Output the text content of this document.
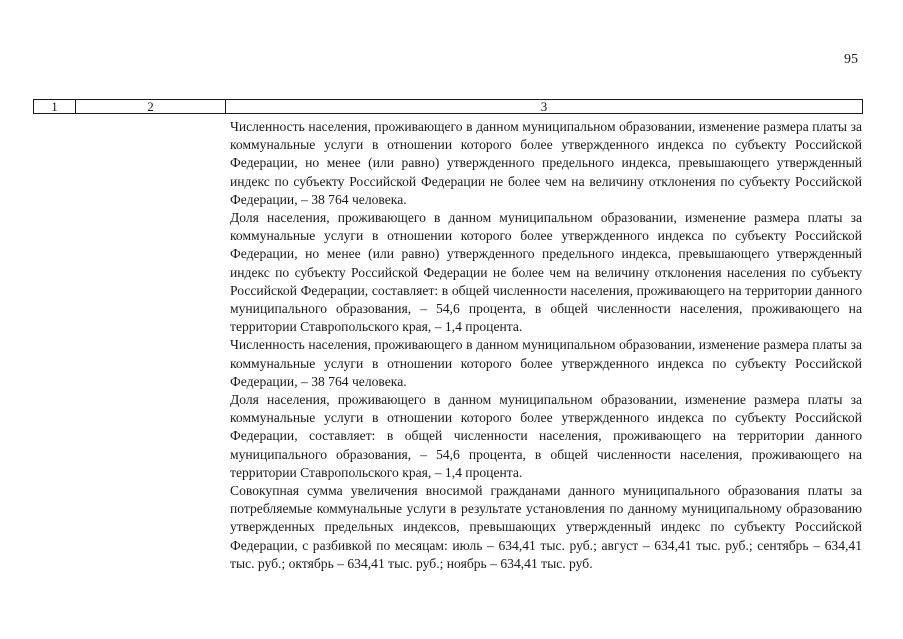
95
1	2	3

Численность населения, проживающего в данном муниципальном образовании, изменение размера платы за коммунальные услуги в отношении которого более утвержденного индекса по субъекту Российской Федерации, но менее (или равно) утвержденного предельного индекса, превышающего утвержденный индекс по субъекту Российской Федерации не более чем на величину отклонения по субъекту Российской Федерации, – 38 764 человека.

Доля населения, проживающего в данном муниципальном образовании, изменение размера платы за коммунальные услуги в отношении которого более утвержденного индекса по субъекту Российской Федерации, но менее (или равно) утвержденного предельного индекса, превышающего утвержденный индекс по субъекту Российской Федерации не более чем на величину отклонения населения по субъекту Российской Федерации, составляет: в общей численности населения, проживающего на территории данного муниципального образования, – 54,6 процента, в общей численности населения, проживающего на территории Ставропольского края, – 1,4 процента.

Численность населения, проживающего в данном муниципальном образовании, изменение размера платы за коммунальные услуги в отношении которого более утвержденного индекса по субъекту Российской Федерации, – 38 764 человека.

Доля населения, проживающего в данном муниципальном образовании, изменение размера платы за коммунальные услуги в отношении которого более утвержденного индекса по субъекту Российской Федерации, составляет: в общей численности населения, проживающего на территории данного муниципального образования, – 54,6 процента, в общей численности населения, проживающего на территории Ставропольского края, – 1,4 процента.

Совокупная сумма увеличения вносимой гражданами данного муниципального образования платы за потребляемые коммунальные услуги в результате установления по данному муниципальному образованию утвержденных предельных индексов, превышающих утвержденный индекс по субъекту Российской Федерации, с разбивкой по месяцам: июль – 634,41 тыс. руб.; август – 634,41 тыс. руб.; сентябрь – 634,41 тыс. руб.; октябрь – 634,41 тыс. руб.; ноябрь – 634,41 тыс. руб.
